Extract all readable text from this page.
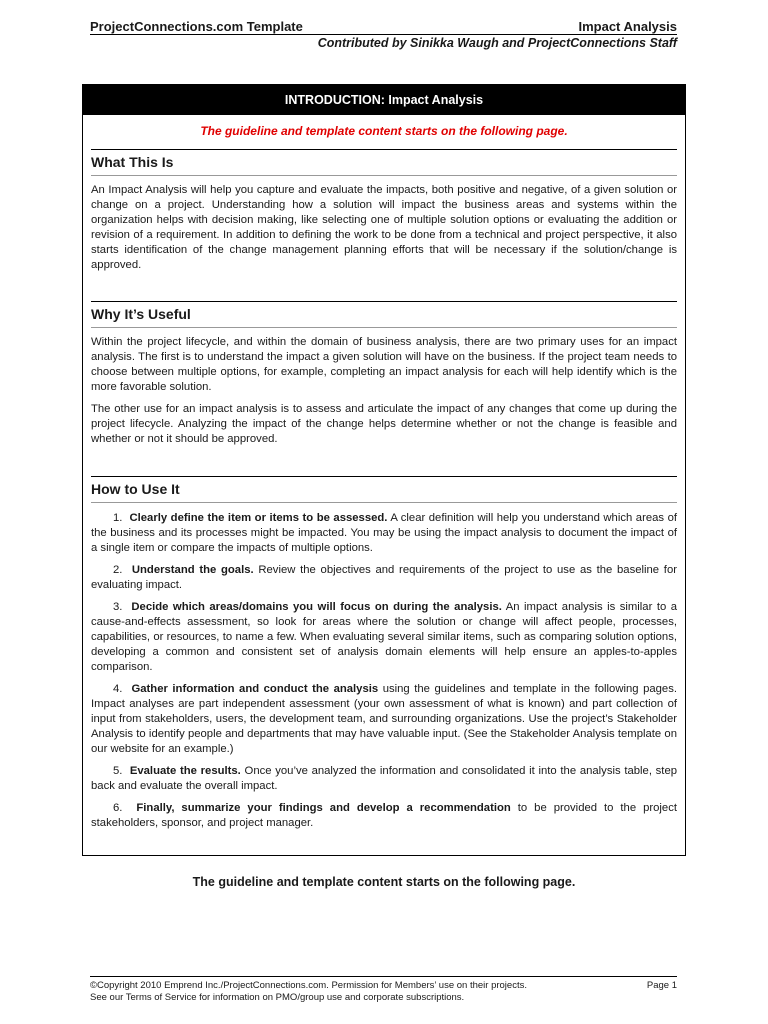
ProjectConnections.com Template	Impact Analysis
Contributed by Sinikka Waugh and ProjectConnections Staff
INTRODUCTION: Impact Analysis
The guideline and template content starts on the following page.
What This Is

An Impact Analysis will help you capture and evaluate the impacts, both positive and negative, of a given solution or change on a project. Understanding how a solution will impact the business areas and systems within the organization helps with decision making, like selecting one of multiple solution options or evaluating the addition or revision of a requirement. In addition to defining the work to be done from a technical and project perspective, it also starts identification of the change management planning efforts that will be necessary if the solution/change is approved.

Why It’s Useful

Within the project lifecycle, and within the domain of business analysis, there are two primary uses for an impact analysis. The first is to understand the impact a given solution will have on the business. If the project team needs to choose between multiple options, for example, completing an impact analysis for each will help identify which is the more favorable solution.

The other use for an impact analysis is to assess and articulate the impact of any changes that come up during the project lifecycle. Analyzing the impact of the change helps determine whether or not the change is feasible and whether or not it should be approved.

How to Use It
1. Clearly define the item or items to be assessed. A clear definition will help you understand which areas of the business and its processes might be impacted. You may be using the impact analysis to document the impact of a single item or compare the impacts of multiple options.
2. Understand the goals. Review the objectives and requirements of the project to use as the baseline for evaluating impact.
3. Decide which areas/domains you will focus on during the analysis. An impact analysis is similar to a cause-and-effects assessment, so look for areas where the solution or change will affect people, processes, capabilities, or resources, to name a few. When evaluating several similar items, such as comparing solution options, developing a common and consistent set of analysis domain elements will help ensure an apples-to-apples comparison.
4. Gather information and conduct the analysis using the guidelines and template in the following pages. Impact analyses are part independent assessment (your own assessment of what is known) and part collection of input from stakeholders, users, the development team, and surrounding organizations. Use the project’s Stakeholder Analysis to identify people and departments that may have valuable input. (See the Stakeholder Analysis template on our website for an example.)
5. Evaluate the results. Once you’ve analyzed the information and consolidated it into the analysis table, step back and evaluate the overall impact.
6. Finally, summarize your findings and develop a recommendation to be provided to the project stakeholders, sponsor, and project manager.
The guideline and template content starts on the following page.
©Copyright 2010 Emprend Inc./ProjectConnections.com. Permission for Members’ use on their projects.
See our Terms of Service for information on PMO/group use and corporate subscriptions.
Page 1
